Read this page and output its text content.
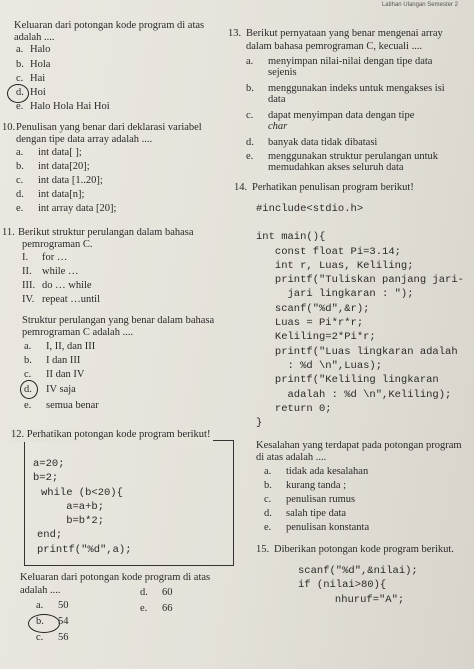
Latihan Ulangan Semester 2
Keluaran dari potongan kode program di atas
adalah ....
a. Halo
b. Hola
c. Hai
d. Hoi
e. Halo Hola Hai Hoi
10. Penulisan yang benar dari deklarasi variabel
dengan tipe data array adalah ....
a. int data[ ];
b. int data[20];
c. int data [1..20];
d. int data[n];
e. int array data [20];
11. Berikut struktur perulangan dalam bahasa
pemrograman C.
I. for …
II. while …
III. do … while
IV. repeat …until
Struktur perulangan yang benar dalam bahasa
pemrograman C adalah ....
a. I, II, dan III
b. I dan III
c. II dan IV
d. IV saja
e. semua benar
12. Perhatikan potongan kode program berikut!
a=20;
b=2;
while (b<20){
a=a+b;
b=b*2;
end;
printf("%d",a);
Keluaran dari potongan kode program di atas
adalah ....
a. 50
b. 54
c. 56
d. 60
e. 66
13. Berikut pernyataan yang benar mengenai array
dalam bahasa pemrograman C, kecuali ....
a. menyimpan nilai-nilai dengan tipe data
sejenis
b. menggunakan indeks untuk mengakses isi
data
c. dapat menyimpan data dengan tipe
char
d. banyak data tidak dibatasi
e. menggunakan struktur perulangan untuk
memudahkan akses seluruh data
14. Perhatikan penulisan program berikut!
#include<stdio.h>
int main(){
const float Pi=3.14;
int r, Luas, Keliling;
printf("Tuliskan panjang jari-
jari lingkaran : ");
scanf("%d",&r);
Luas = Pi*r*r;
Keliling=2*Pi*r;
printf("Luas lingkaran adalah
: %d \n",Luas);
printf("Keliling lingkaran
adalah : %d \n",Keliling);
return 0;
}
Kesalahan yang terdapat pada potongan program
di atas adalah ....
a. tidak ada kesalahan
b. kurang tanda ;
c. penulisan rumus
d. salah tipe data
e. penulisan konstanta
15. Diberikan potongan kode program berikut.
scanf("%d",&nilai);
if (nilai>80){
nhuruf="A";
